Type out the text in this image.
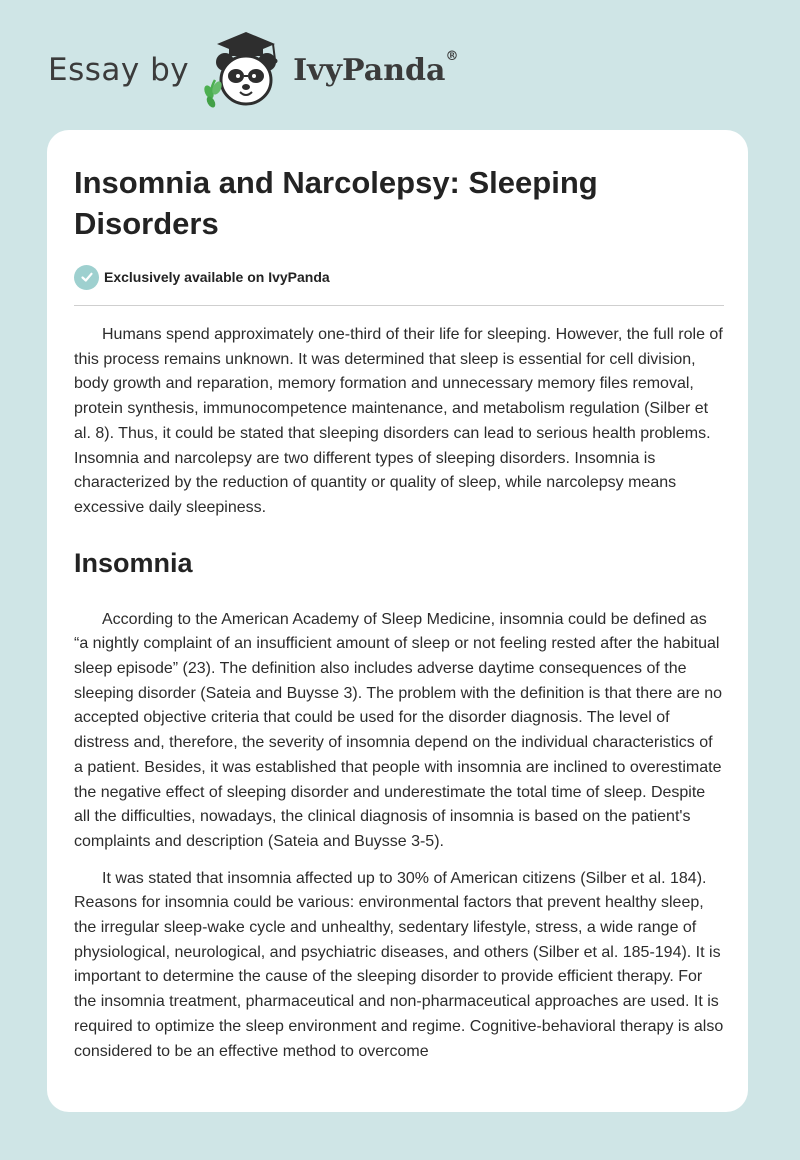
Essay by	IvyPanda®
Insomnia and Narcolepsy: Sleeping Disorders
Exclusively available on IvyPanda

Humans spend approximately one-third of their life for sleeping. However, the full role of this process remains unknown. It was determined that sleep is essential for cell division, body growth and reparation, memory formation and unnecessary memory files removal, protein synthesis, immunocompetence maintenance, and metabolism regulation (Silber et al. 8). Thus, it could be stated that sleeping disorders can lead to serious health problems. Insomnia and narcolepsy are two different types of sleeping disorders. Insomnia is characterized by the reduction of quantity or quality of sleep, while narcolepsy means excessive daily sleepiness.

Insomnia

According to the American Academy of Sleep Medicine, insomnia could be defined as “a nightly complaint of an insufficient amount of sleep or not feeling rested after the habitual sleep episode” (23). The definition also includes adverse daytime consequences of the sleeping disorder (Sateia and Buysse 3). The problem with the definition is that there are no accepted objective criteria that could be used for the disorder diagnosis. The level of distress and, therefore, the severity of insomnia depend on the individual characteristics of a patient. Besides, it was established that people with insomnia are inclined to overestimate the negative effect of sleeping disorder and underestimate the total time of sleep. Despite all the difficulties, nowadays, the clinical diagnosis of insomnia is based on the patient's complaints and description (Sateia and Buysse 3-5).

It was stated that insomnia affected up to 30% of American citizens (Silber et al. 184). Reasons for insomnia could be various: environmental factors that prevent healthy sleep, the irregular sleep-wake cycle and unhealthy, sedentary lifestyle, stress, a wide range of physiological, neurological, and psychiatric diseases, and others (Silber et al. 185-194). It is important to determine the cause of the sleeping disorder to provide efficient therapy. For the insomnia treatment, pharmaceutical and non-pharmaceutical approaches are used. It is required to optimize the sleep environment and regime. Cognitive-behavioral therapy is also considered to be an effective method to overcome
